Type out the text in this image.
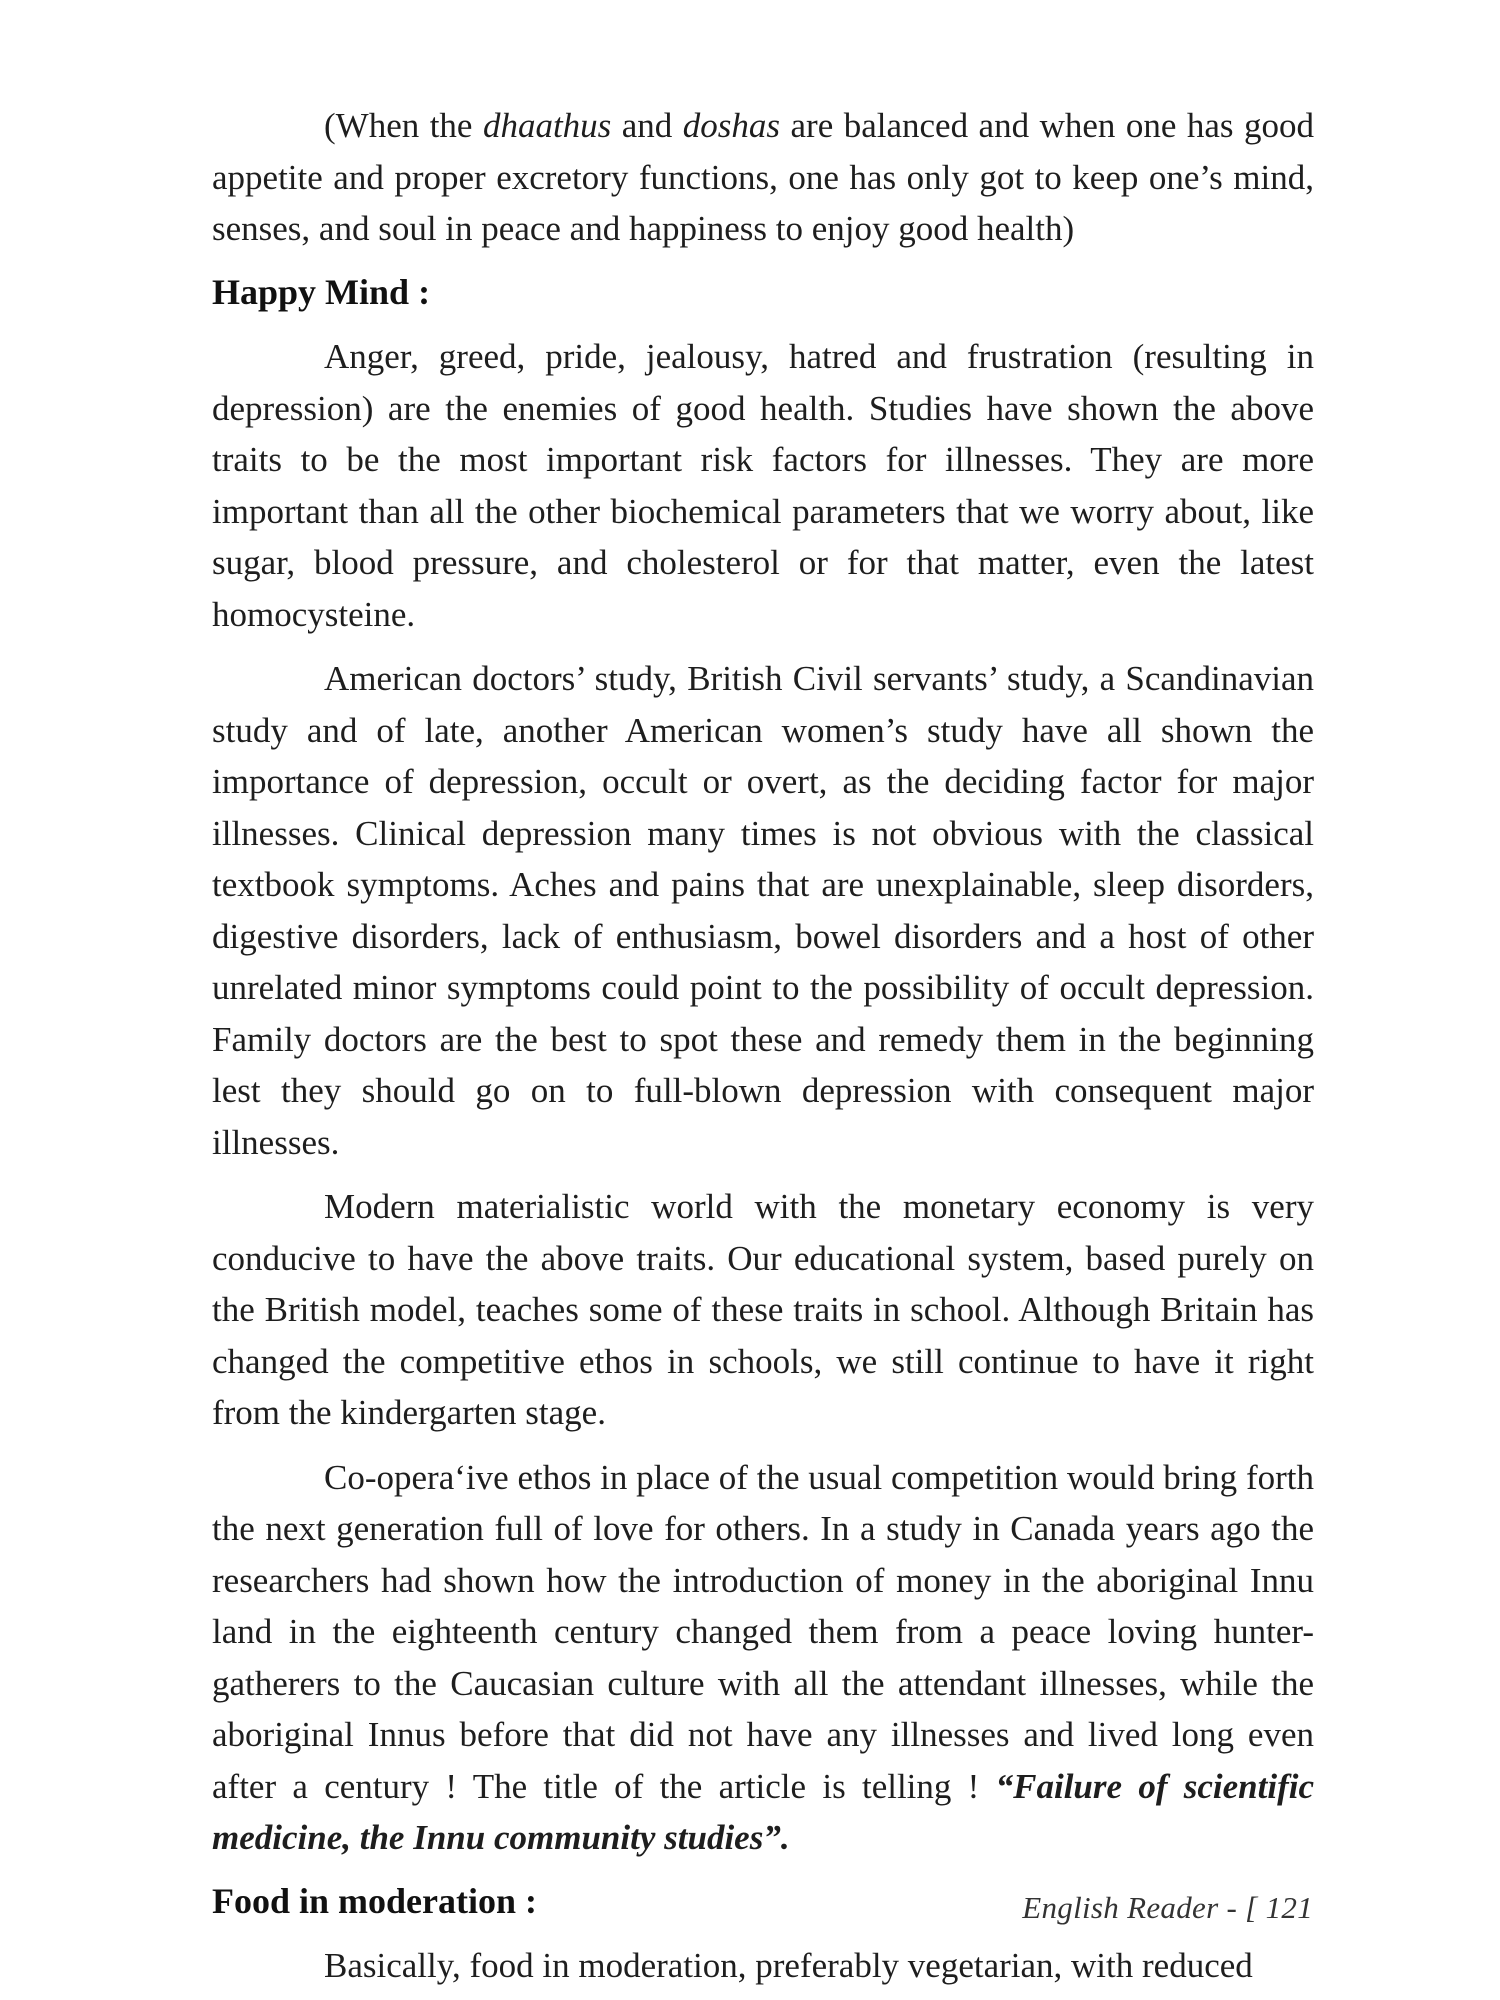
(When the dhaathus and doshas are balanced and when one has good appetite and proper excretory functions, one has only got to keep one’s mind, senses, and soul in peace and happiness to enjoy good health)

Happy Mind :

Anger, greed, pride, jealousy, hatred and frustration (resulting in depression) are the enemies of good health. Studies have shown the above traits to be the most important risk factors for illnesses. They are more important than all the other biochemical parameters that we worry about, like sugar, blood pressure, and cholesterol or for that matter, even the latest homocysteine.

American doctors’ study, British Civil servants’ study, a Scandinavian study and of late, another American women’s study have all shown the importance of depression, occult or overt, as the deciding factor for major illnesses. Clinical depression many times is not obvious with the classical textbook symptoms. Aches and pains that are unexplainable, sleep disorders, digestive disorders, lack of enthusiasm, bowel disorders and a host of other unrelated minor symptoms could point to the possibility of occult depression. Family doctors are the best to spot these and remedy them in the beginning lest they should go on to full-blown depression with consequent major illnesses.

Modern materialistic world with the monetary economy is very conducive to have the above traits. Our educational system, based purely on the British model, teaches some of these traits in school. Although Britain has changed the competitive ethos in schools, we still continue to have it right from the kindergarten stage.

Co-opera‘ive ethos in place of the usual competition would bring forth the next generation full of love for others. In a study in Canada years ago the researchers had shown how the introduction of money in the aboriginal Innu land in the eighteenth century changed them from a peace loving hunter-gatherers to the Caucasian culture with all the attendant illnesses, while the aboriginal Innus before that did not have any illnesses and lived long even after a century ! The title of the article is telling ! “Failure of scientific medicine, the Innu community studies”.

Food in moderation :

Basically, food in moderation, preferably vegetarian, with reduced

English Reader - [ 121
